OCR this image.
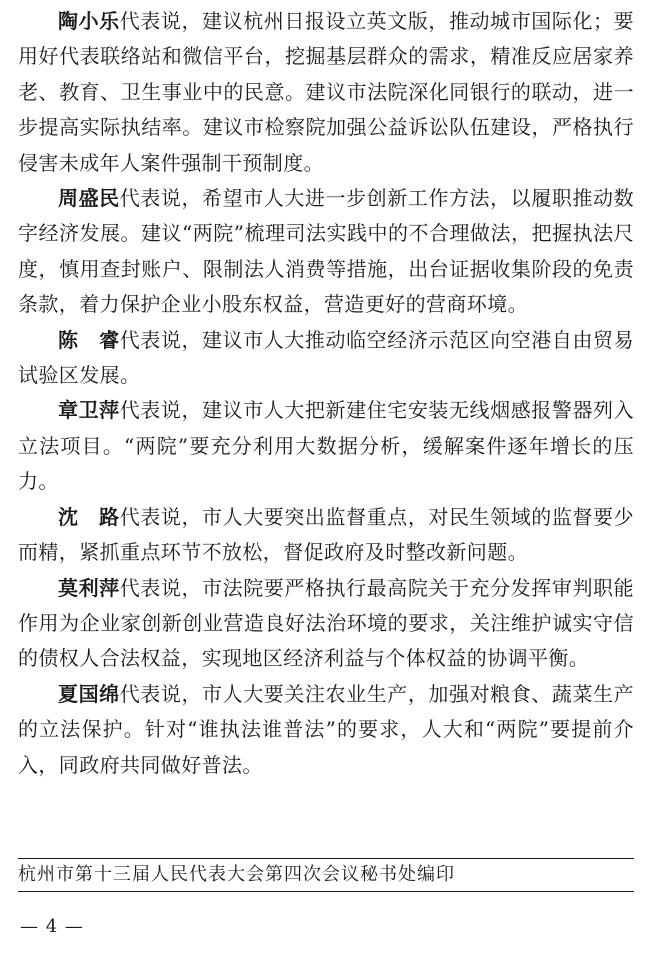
陶小乐代表说，建议杭州日报设立英文版，推动城市国际化；要用好代表联络站和微信平台，挖掘基层群众的需求，精准反应居家养老、教育、卫生事业中的民意。建议市法院深化同银行的联动，进一步提高实际执结率。建议市检察院加强公益诉讼队伍建设，严格执行侵害未成年人案件强制干预制度。

周盛民代表说，希望市人大进一步创新工作方法，以履职推动数字经济发展。建议“两院”梳理司法实践中的不合理做法，把握执法尺度，慎用查封账户、限制法人消费等措施，出台证据收集阶段的免责条款，着力保护企业小股东权益，营造更好的营商环境。

陈　睿代表说，建议市人大推动临空经济示范区向空港自由贸易试验区发展。

章卫萍代表说，建议市人大把新建住宅安装无线烟感报警器列入立法项目。“两院”要充分利用大数据分析，缓解案件逐年增长的压力。

沈　路代表说，市人大要突出监督重点，对民生领域的监督要少而精，紧抓重点环节不放松，督促政府及时整改新问题。

莫利萍代表说，市法院要严格执行最高院关于充分发挥审判职能作用为企业家创新创业营造良好法治环境的要求，关注维护诚实守信的债权人合法权益，实现地区经济利益与个体权益的协调平衡。

夏国绵代表说，市人大要关注农业生产，加强对粮食、蔬菜生产的立法保护。针对“谁执法谁普法”的要求，人大和“两院”要提前介入，同政府共同做好普法。

杭州市第十三届人民代表大会第四次会议秘书处编印
— 4 —
